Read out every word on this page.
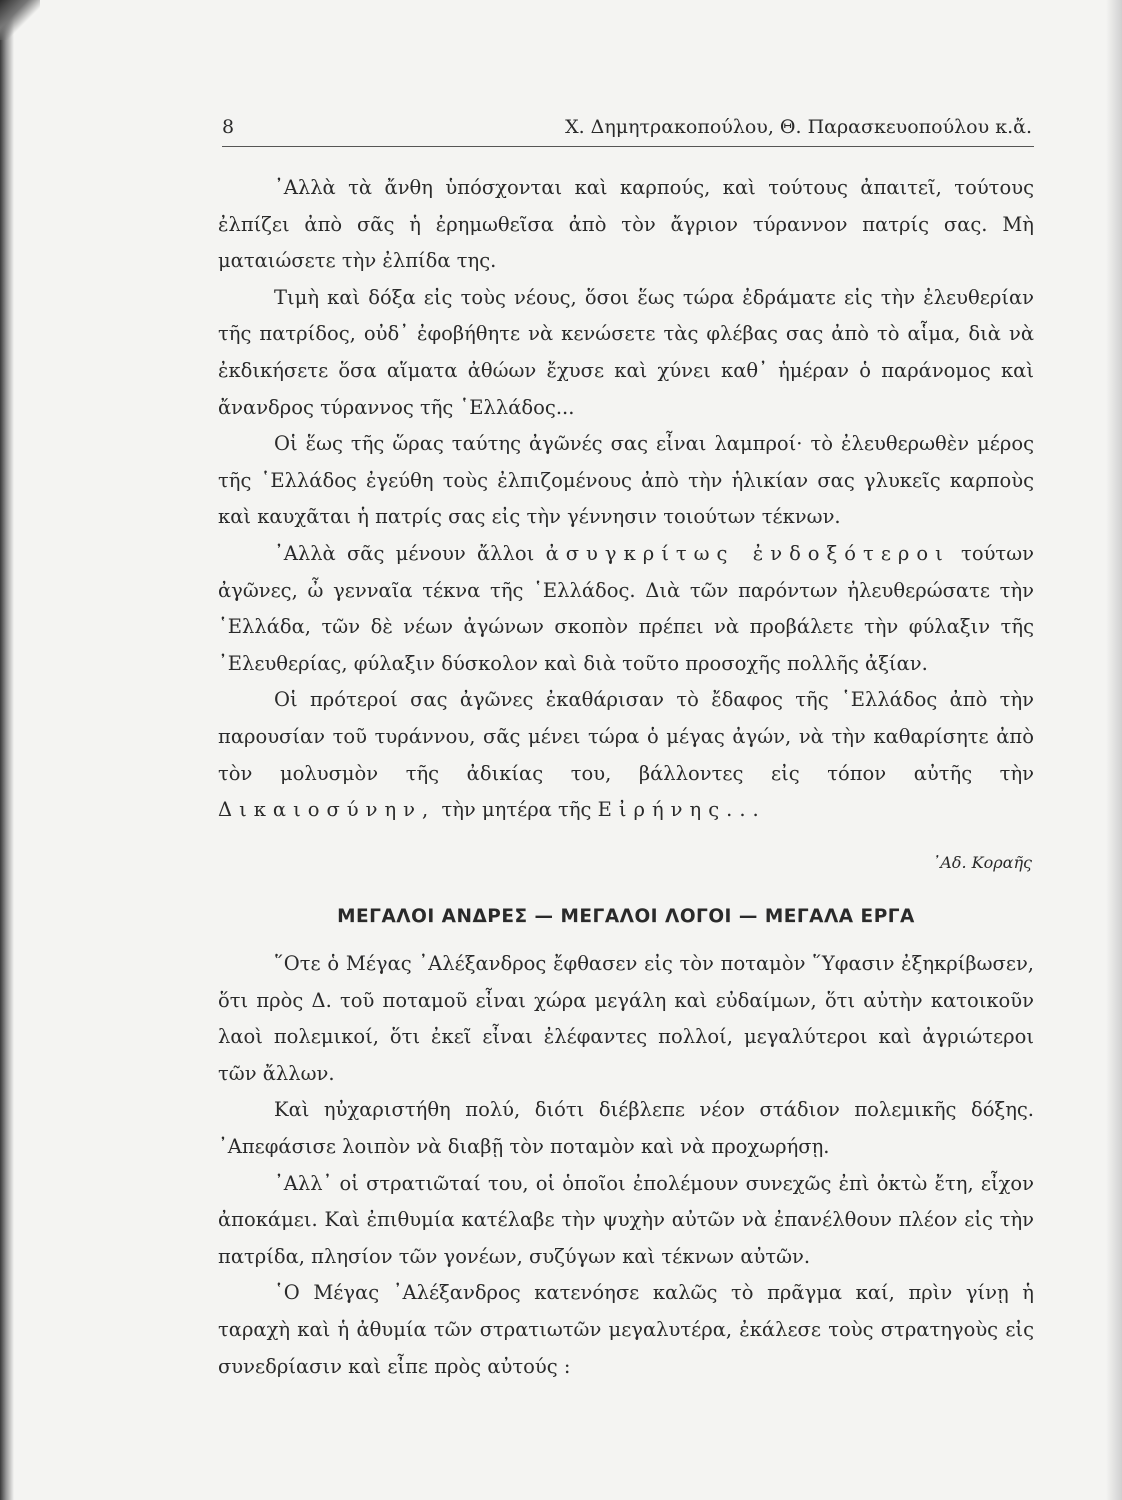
8	Χ. Δημητρακοπούλου, Θ. Παρασκευοπούλου κ.ἄ.

᾿Αλλὰ τὰ ἄνθη ὑπόσχονται καὶ καρπούς, καὶ τούτους ἀπαιτεῖ, τούτους ἐλπίζει ἀπὸ σᾶς ἡ ἐρημωθεῖσα ἀπὸ τὸν ἄγριον τύραννον πατρίς σας. Μὴ ματαιώσετε τὴν ἐλπίδα της.

Τιμὴ καὶ δόξα εἰς τοὺς νέους, ὅσοι ἕως τώρα ἐδράματε εἰς τὴν ἐλευθερίαν τῆς πατρίδος, οὐδ᾿ ἐφοβήθητε νὰ κενώσετε τὰς φλέβας σας ἀπὸ τὸ αἷμα, διὰ νὰ ἐκδικήσετε ὅσα αἵματα ἀθώων ἔχυσε καὶ χύνει καθ᾿ ἡμέραν ὁ παράνομος καὶ ἄνανδρος τύραννος τῆς ῾Ελλάδος...

Οἱ ἕως τῆς ὥρας ταύτης ἀγῶνές σας εἶναι λαμπροί· τὸ ἐλευθερωθὲν μέρος τῆς ῾Ελλάδος ἐγεύθη τοὺς ἐλπιζομένους ἀπὸ τὴν ἡλικίαν σας γλυκεῖς καρποὺς καὶ καυχᾶται ἡ πατρίς σας εἰς τὴν γέννησιν τοιούτων τέκνων.

᾿Αλλὰ σᾶς μένουν ἄλλοι ἀσυγκρίτως ἐνδοξότεροι τούτων ἀγῶνες, ὦ γενναῖα τέκνα τῆς ῾Ελλάδος. Διὰ τῶν παρόντων ἠλευθερώσατε τὴν ῾Ελλάδα, τῶν δὲ νέων ἀγώνων σκοπὸν πρέπει νὰ προβάλετε τὴν φύλαξιν τῆς ᾿Ελευθερίας, φύλαξιν δύσκολον καὶ διὰ τοῦτο προσοχῆς πολλῆς ἀξίαν.

Οἱ πρότεροί σας ἀγῶνες ἐκαθάρισαν τὸ ἔδαφος τῆς ῾Ελλάδος ἀπὸ τὴν παρουσίαν τοῦ τυράννου, σᾶς μένει τώρα ὁ μέγας ἀγών, νὰ τὴν καθαρίσητε ἀπὸ τὸν μολυσμὸν τῆς ἀδικίας του, βάλλοντες εἰς τόπον αὐτῆς τὴν Δικαιοσύνην, τὴν μητέρα τῆς Εἰρήνης...

᾿Αδ. Κοραῆς
ΜΕΓΑΛΟΙ ΑΝΔΡΕΣ — ΜΕΓΑΛΟΙ ΛΟΓΟΙ — ΜΕΓΑΛΑ ΕΡΓΑ

῞Οτε ὁ Μέγας ᾿Αλέξανδρος ἔφθασεν εἰς τὸν ποταμὸν ῞Υφασιν ἐξηκρίβωσεν, ὅτι πρὸς Δ. τοῦ ποταμοῦ εἶναι χώρα μεγάλη καὶ εὐδαίμων, ὅτι αὐτὴν κατοικοῦν λαοὶ πολεμικοί, ὅτι ἐκεῖ εἶναι ἐλέφαντες πολλοί, μεγαλύτεροι καὶ ἀγριώτεροι τῶν ἄλλων.

Καὶ ηὐχαριστήθη πολύ, διότι διέβλεπε νέον στάδιον πολεμικῆς δόξης. ᾿Απεφάσισε λοιπὸν νὰ διαβῇ τὸν ποταμὸν καὶ νὰ προχωρήσῃ.

᾿Αλλ᾿ οἱ στρατιῶταί του, οἱ ὁποῖοι ἐπολέμουν συνεχῶς ἐπὶ ὀκτὼ ἔτη, εἶχον ἀποκάμει. Καὶ ἐπιθυμία κατέλαβε τὴν ψυχὴν αὐτῶν νὰ ἐπανέλθουν πλέον εἰς τὴν πατρίδα, πλησίον τῶν γονέων, συζύγων καὶ τέκνων αὐτῶν.

῾Ο Μέγας ᾿Αλέξανδρος κατενόησε καλῶς τὸ πρᾶγμα καί, πρὶν γίνῃ ἡ ταραχὴ καὶ ἡ ἀθυμία τῶν στρατιωτῶν μεγαλυτέρα, ἐκάλεσε τοὺς στρατηγοὺς εἰς συνεδρίασιν καὶ εἶπε πρὸς αὐτούς :
